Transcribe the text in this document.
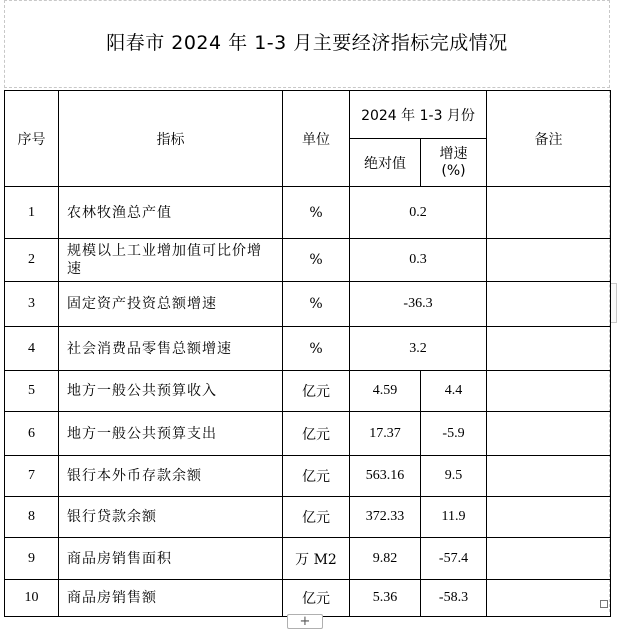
阳春市 2024 年 1-3 月主要经济指标完成情况
序号	指标	单位	2024 年 1-3 月份		备注
			绝对值	增速
(%)	

1	农林牧渔总产值	%	0.2		
2	规模以上工业增加值可比价增速	%	0.3		
3	固定资产投资总额增速	%	-36.3		
4	社会消费品零售总额增速	%	3.2		
5	地方一般公共预算收入	亿元	4.59	4.4	
6	地方一般公共预算支出	亿元	17.37	-5.9	
7	银行本外币存款余额	亿元	563.16	9.5	
8	银行贷款余额	亿元	372.33	11.9	
9	商品房销售面积	万 M2	9.82	-57.4	
10	商品房销售额	亿元	5.36	-58.3	
+
